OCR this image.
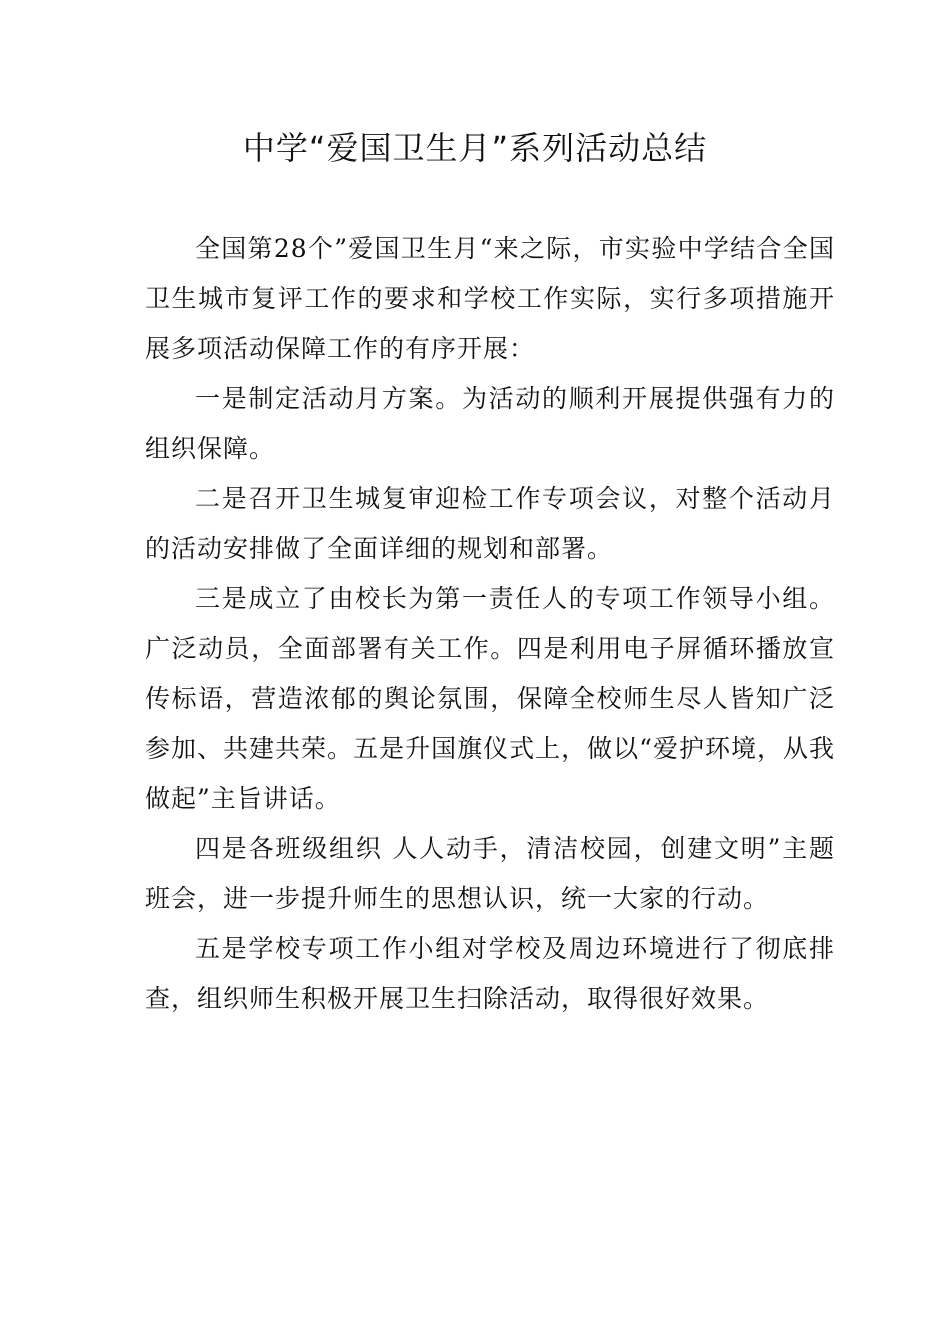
中学“爱国卫生月”系列活动总结

全国第28个”爱国卫生月“来之际，市实验中学结合全国卫生城市复评工作的要求和学校工作实际，实行多项措施开展多项活动保障工作的有序开展：

一是制定活动月方案。为活动的顺利开展提供强有力的组织保障。

二是召开卫生城复审迎检工作专项会议，对整个活动月的活动安排做了全面详细的规划和部署。

三是成立了由校长为第一责任人的专项工作领导小组。广泛动员，全面部署有关工作。四是利用电子屏循环播放宣传标语，营造浓郁的舆论氛围，保障全校师生尽人皆知广泛参加、共建共荣。五是升国旗仪式上，做以“爱护环境，从我做起”主旨讲话。

四是各班级组织 人人动手，清洁校园，创建文明”主题班会，进一步提升师生的思想认识，统一大家的行动。

五是学校专项工作小组对学校及周边环境进行了彻底排查，组织师生积极开展卫生扫除活动，取得很好效果。
